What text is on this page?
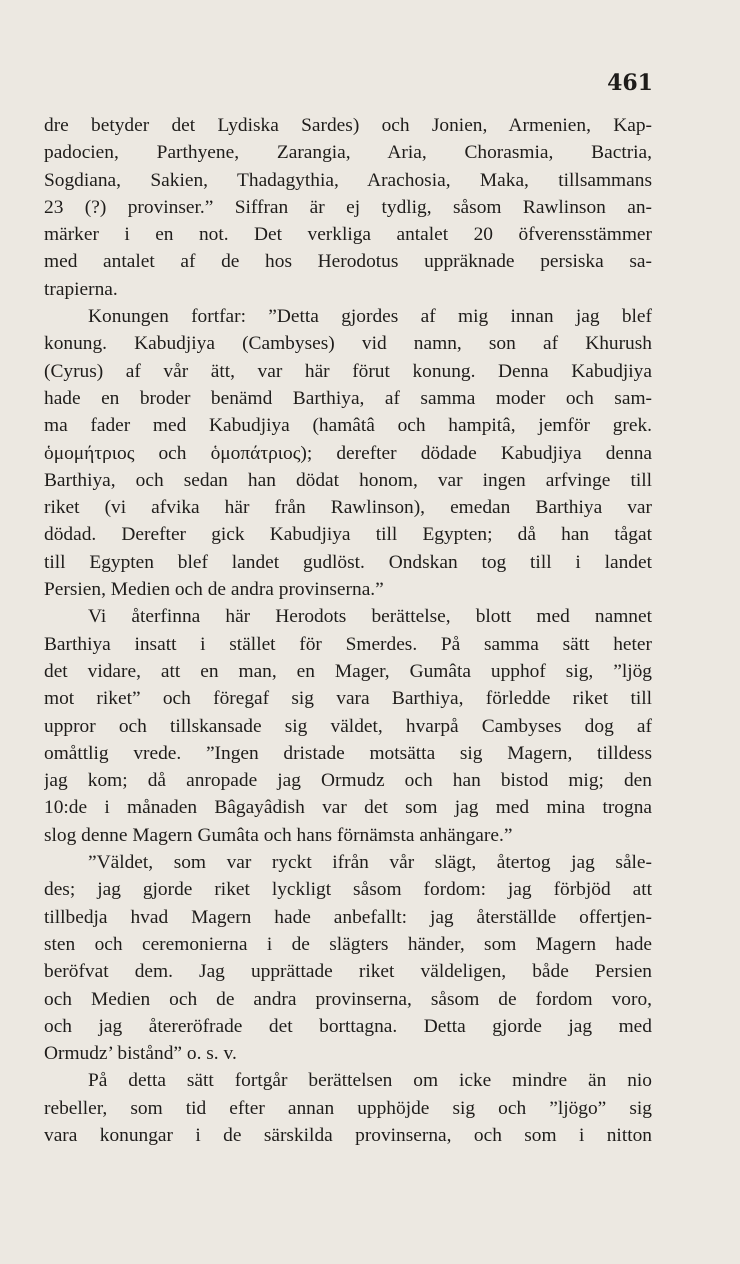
461
dre betyder det Lydiska Sardes) och Jonien, Armenien, Kap-
padocien, Parthyene, Zarangia, Aria, Chorasmia, Bactria,
Sogdiana, Sakien, Thadagythia, Arachosia, Maka, tillsammans
23 (?) provinser.” Siffran är ej tydlig, såsom Rawlinson an-
märker i en not. Det verkliga antalet 20 öfverensstämmer
med antalet af de hos Herodotus uppräknade persiska sa-
trapierna.
Konungen fortfar: ”Detta gjordes af mig innan jag blef
konung. Kabudjiya (Cambyses) vid namn, son af Khurush
(Cyrus) af vår ätt, var här förut konung. Denna Kabudjiya
hade en broder benämd Barthiya, af samma moder och sam-
ma fader med Kabudjiya (hamâtâ och hampitâ, jemför grek.
ὁμομήτριος och ὁμοπάτριος); derefter dödade Kabudjiya denna
Barthiya, och sedan han dödat honom, var ingen arfvinge till
riket (vi afvika här från Rawlinson), emedan Barthiya var
dödad. Derefter gick Kabudjiya till Egypten; då han tågat
till Egypten blef landet gudlöst. Ondskan tog till i landet
Persien, Medien och de andra provinserna.”
Vi återfinna här Herodots berättelse, blott med namnet
Barthiya insatt i stället för Smerdes. På samma sätt heter
det vidare, att en man, en Mager, Gumâta upphof sig, ”ljög
mot riket” och föregaf sig vara Barthiya, förledde riket till
uppror och tillskansade sig väldet, hvarpå Cambyses dog af
omåttlig vrede. ”Ingen dristade motsätta sig Magern, tilldess
jag kom; då anropade jag Ormudz och han bistod mig; den
10:de i månaden Bâgayâdish var det som jag med mina trogna
slog denne Magern Gumâta och hans förnämsta anhängare.”
”Väldet, som var ryckt ifrån vår slägt, återtog jag såle-
des; jag gjorde riket lyckligt såsom fordom: jag förbjöd att
tillbedja hvad Magern hade anbefallt: jag återställde offertjen-
sten och ceremonierna i de slägters händer, som Magern hade
beröfvat dem. Jag upprättade riket väldeligen, både Persien
och Medien och de andra provinserna, såsom de fordom voro,
och jag återeröfrade det borttagna. Detta gjorde jag med
Ormudz’ bistånd” o. s. v.
På detta sätt fortgår berättelsen om icke mindre än nio
rebeller, som tid efter annan upphöjde sig och ”ljögo” sig
vara konungar i de särskilda provinserna, och som i nitton
